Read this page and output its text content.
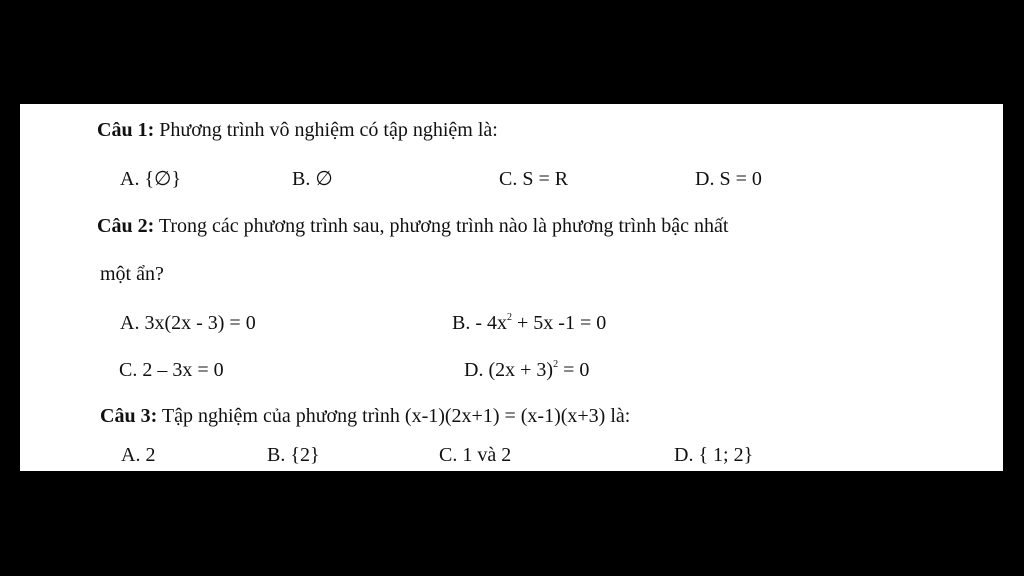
Câu 1: Phương trình vô nghiệm có tập nghiệm là:
A. {∅}	B. ∅	C. S = R	D. S = 0
Câu 2: Trong các phương trình sau, phương trình nào là phương trình bậc nhất
một ẩn?
A. 3x(2x - 3) = 0	B. - $4x^2 + 5x$ -1 = 0
C. 2 – 3x = 0	D. $(2x + 3)^2 = 0$
Câu 3: Tập nghiệm của phương trình (x-1)(2x+1) = (x-1)(x+3) là:
A. 2	B. {2}	C. 1 và 2	D. { 1; 2}
